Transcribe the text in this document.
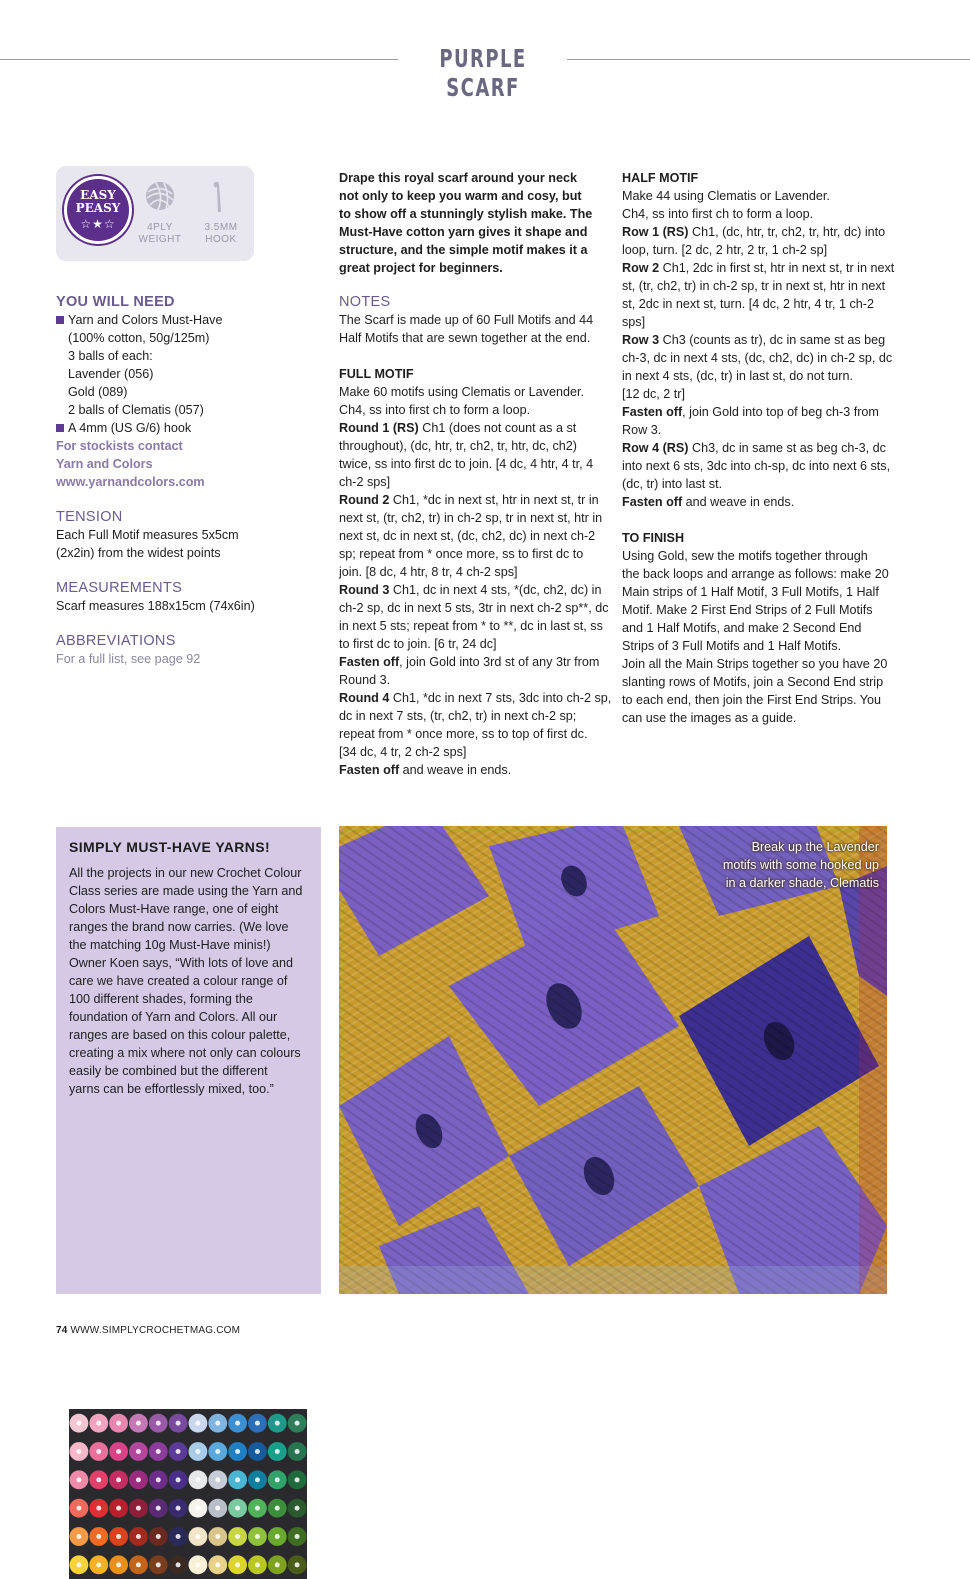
PURPLE SCARF
EASY
PEASY
☆★☆	4PLY
WEIGHT
3.5MM
HOOK

YOU WILL NEED

Yarn and Colors Must-Have

(100% cotton, 50g/125m)

3 balls of each:

Lavender (056)

Gold (089)

2 balls of Clematis (057)

A 4mm (US G/6) hook

For stockists contact

Yarn and Colors

www.yarnandcolors.com

TENSION

Each Full Motif measures 5x5cm

(2x2in) from the widest points

MEASUREMENTS

Scarf measures 188x15cm (74x6in)

ABBREVIATIONS

For a full list, see page 92

Drape this royal scarf around your neck

not only to keep you warm and cosy, but

to show off a stunningly stylish make. The

Must-Have cotton yarn gives it shape and

structure, and the simple motif makes it a

great project for beginners.

NOTES

The Scarf is made up of 60 Full Motifs and 44

Half Motifs that are sewn together at the end.

FULL MOTIF

Make 60 motifs using Clematis or Lavender.

Ch4, ss into first ch to form a loop.

Round 1 (RS) Ch1 (does not count as a st

throughout), (dc, htr, tr, ch2, tr, htr, dc, ch2)

twice, ss into first dc to join. [4 dc, 4 htr, 4 tr, 4

ch-2 sps]

Round 2 Ch1, *dc in next st, htr in next st, tr in

next st, (tr, ch2, tr) in ch-2 sp, tr in next st, htr in

next st, dc in next st, (dc, ch2, dc) in next ch-2

sp; repeat from * once more, ss to first dc to

join. [8 dc, 4 htr, 8 tr, 4 ch-2 sps]

Round 3 Ch1, dc in next 4 sts, *(dc, ch2, dc) in

ch-2 sp, dc in next 5 sts, 3tr in next ch-2 sp**, dc

in next 5 sts; repeat from * to **, dc in last st, ss

to first dc to join. [6 tr, 24 dc]

Fasten off, join Gold into 3rd st of any 3tr from

Round 3.

Round 4 Ch1, *dc in next 7 sts, 3dc into ch-2 sp,

dc in next 7 sts, (tr, ch2, tr) in next ch-2 sp;

repeat from * once more, ss to top of first dc.

[34 dc, 4 tr, 2 ch-2 sps]

Fasten off and weave in ends.

HALF MOTIF

Make 44 using Clematis or Lavender.

Ch4, ss into first ch to form a loop.

Row 1 (RS) Ch1, (dc, htr, tr, ch2, tr, htr, dc) into

loop, turn. [2 dc, 2 htr, 2 tr, 1 ch-2 sp]

Row 2 Ch1, 2dc in first st, htr in next st, tr in next

st, (tr, ch2, tr) in ch-2 sp, tr in next st, htr in next

st, 2dc in next st, turn. [4 dc, 2 htr, 4 tr, 1 ch-2

sps]

Row 3 Ch3 (counts as tr), dc in same st as beg

ch-3, dc in next 4 sts, (dc, ch2, dc) in ch-2 sp, dc

in next 4 sts, (dc, tr) in last st, do not turn.

[12 dc, 2 tr]

Fasten off, join Gold into top of beg ch-3 from

Row 3.

Row 4 (RS) Ch3, dc in same st as beg ch-3, dc

into next 6 sts, 3dc into ch-sp, dc into next 6 sts,

(dc, tr) into last st.

Fasten off and weave in ends.

TO FINISH

Using Gold, sew the motifs together through

the back loops and arrange as follows: make 20

Main strips of 1 Half Motif, 3 Full Motifs, 1 Half

Motif. Make 2 First End Strips of 2 Full Motifs

and 1 Half Motifs, and make 2 Second End

Strips of 3 Full Motifs and 1 Half Motifs.

Join all the Main Strips together so you have 20

slanting rows of Motifs, join a Second End strip

to each end, then join the First End Strips. You

can use the images as a guide.

SIMPLY MUST-HAVE YARNS!
All the projects in our new Crochet Colour
Class series are made using the Yarn and
Colors Must-Have range, one of eight
ranges the brand now carries. (We love
the matching 10g Must-Have minis!)
Owner Koen says, “With lots of love and
care we have created a colour range of
100 different shades, forming the
foundation of Yarn and Colors. All our
ranges are based on this colour palette,
creating a mix where not only can colours
easily be combined but the different
yarns can be effortlessly mixed, too.”
Break up the Lavender
motifs with some hooked up
in a darker shade, Clematis
74 WWW.SIMPLYCROCHETMAG.COM
